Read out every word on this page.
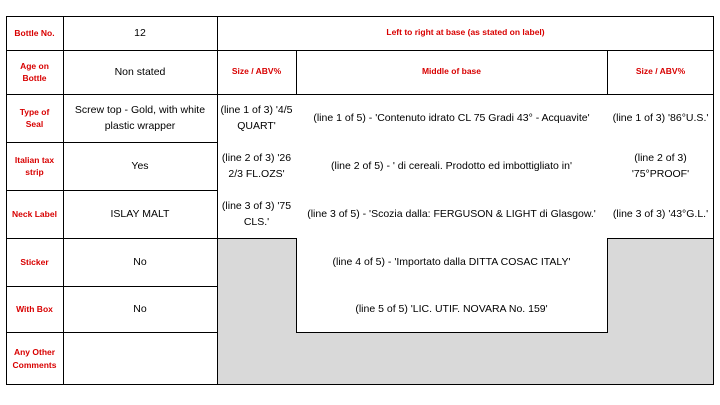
Bottle No.
Age on Bottle
Type of Seal
Italian tax strip
Neck Label
Sticker
With Box
Any Other Comments
12
Non stated
Screw top - Gold, with white plastic wrapper
Yes
ISLAY MALT
No
No
Left to right at base (as stated on label)
Size / ABV%	Middle of base	Size / ABV%
(line 1 of 3) '4/5 QUART'
(line 2 of 3) '26 2/3 FL.OZS'
(line 3 of 3) '75 CLS.'
(line 1 of 5) - 'Contenuto idrato CL 75 Gradi 43° - Acquavite'
(line 2 of 5) - ' di cereali. Prodotto ed imbottigliato in'
(line 3 of 5) - 'Scozia dalla: FERGUSON & LIGHT di Glasgow.'
(line 4 of 5) - 'Importato dalla DITTA COSAC ITALY'
(line 5 of 5) 'LIC. UTIF. NOVARA No. 159'
(line 1 of 3) '86°U.S.'
(line 2 of 3) '75°PROOF'
(line 3 of 3) '43°G.L.'
